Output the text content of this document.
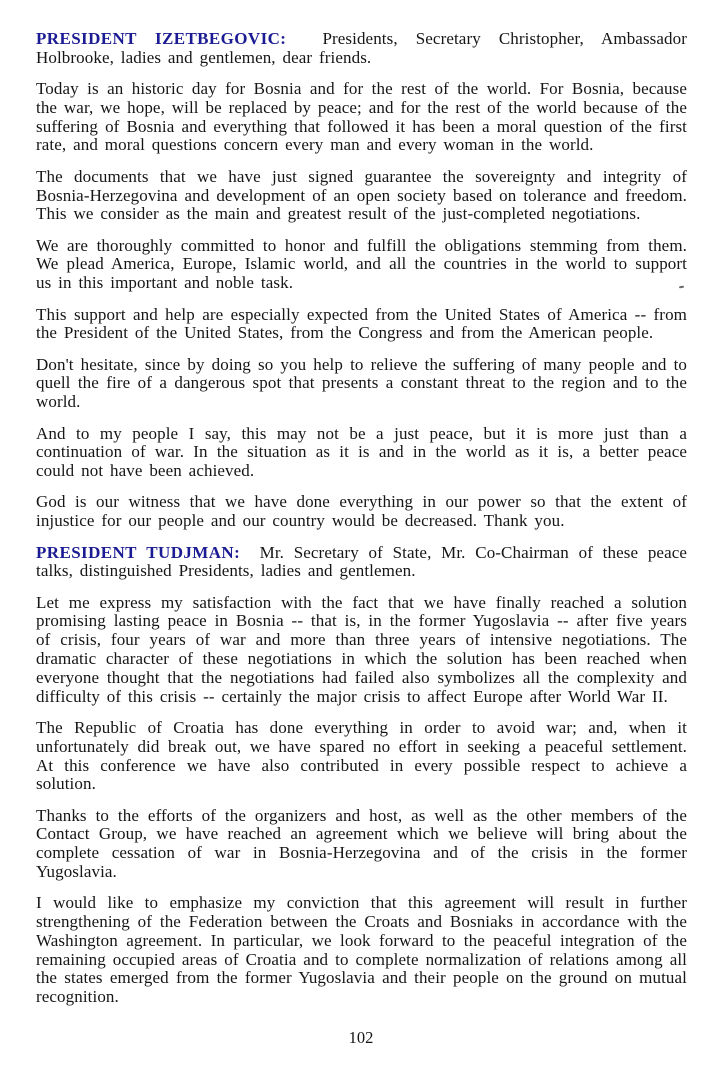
PRESIDENT IZETBEGOVIC:  Presidents, Secretary Christopher, Ambassador Holbrooke, ladies and gentlemen, dear friends.

Today is an historic day for Bosnia and for the rest of the world. For Bosnia, because the war, we hope, will be replaced by peace; and for the rest of the world because of the suffering of Bosnia and everything that followed it has been a moral question of the first rate, and moral questions concern every man and every woman in the world.

The documents that we have just signed guarantee the sovereignty and integrity of Bosnia-Herzegovina and development of an open society based on tolerance and freedom. This we consider as the main and greatest result of the just-completed negotiations.

We are thoroughly committed to honor and fulfill the obligations stemming from them. We plead America, Europe, Islamic world, and all the countries in the world to support us in this important and noble task.

This support and help are especially expected from the United States of America -- from the President of the United States, from the Congress and from the American people.

Don't hesitate, since by doing so you help to relieve the suffering of many people and to quell the fire of a dangerous spot that presents a constant threat to the region and to the world.

And to my people I say, this may not be a just peace, but it is more just than a continuation of war. In the situation as it is and in the world as it is, a better peace could not have been achieved.

God is our witness that we have done everything in our power so that the extent of injustice for our people and our country would be decreased. Thank you.

PRESIDENT TUDJMAN:  Mr. Secretary of State, Mr. Co-Chairman of these peace talks, distinguished Presidents, ladies and gentlemen.

Let me express my satisfaction with the fact that we have finally reached a solution promising lasting peace in Bosnia -- that is, in the former Yugoslavia -- after five years of crisis, four years of war and more than three years of intensive negotiations. The dramatic character of these negotiations in which the solution has been reached when everyone thought that the negotiations had failed also symbolizes all the complexity and difficulty of this crisis -- certainly the major crisis to affect Europe after World War II.

The Republic of Croatia has done everything in order to avoid war; and, when it unfortunately did break out, we have spared no effort in seeking a peaceful settlement. At this conference we have also contributed in every possible respect to achieve a solution.

Thanks to the efforts of the organizers and host, as well as the other members of the Contact Group, we have reached an agreement which we believe will bring about the complete cessation of war in Bosnia-Herzegovina and of the crisis in the former Yugoslavia.

I would like to emphasize my conviction that this agreement will result in further strengthening of the Federation between the Croats and Bosniaks in accordance with the Washington agreement. In particular, we look forward to the peaceful integration of the remaining occupied areas of Croatia and to complete normalization of relations among all the states emerged from the former Yugoslavia and their people on the ground on mutual recognition.

102
